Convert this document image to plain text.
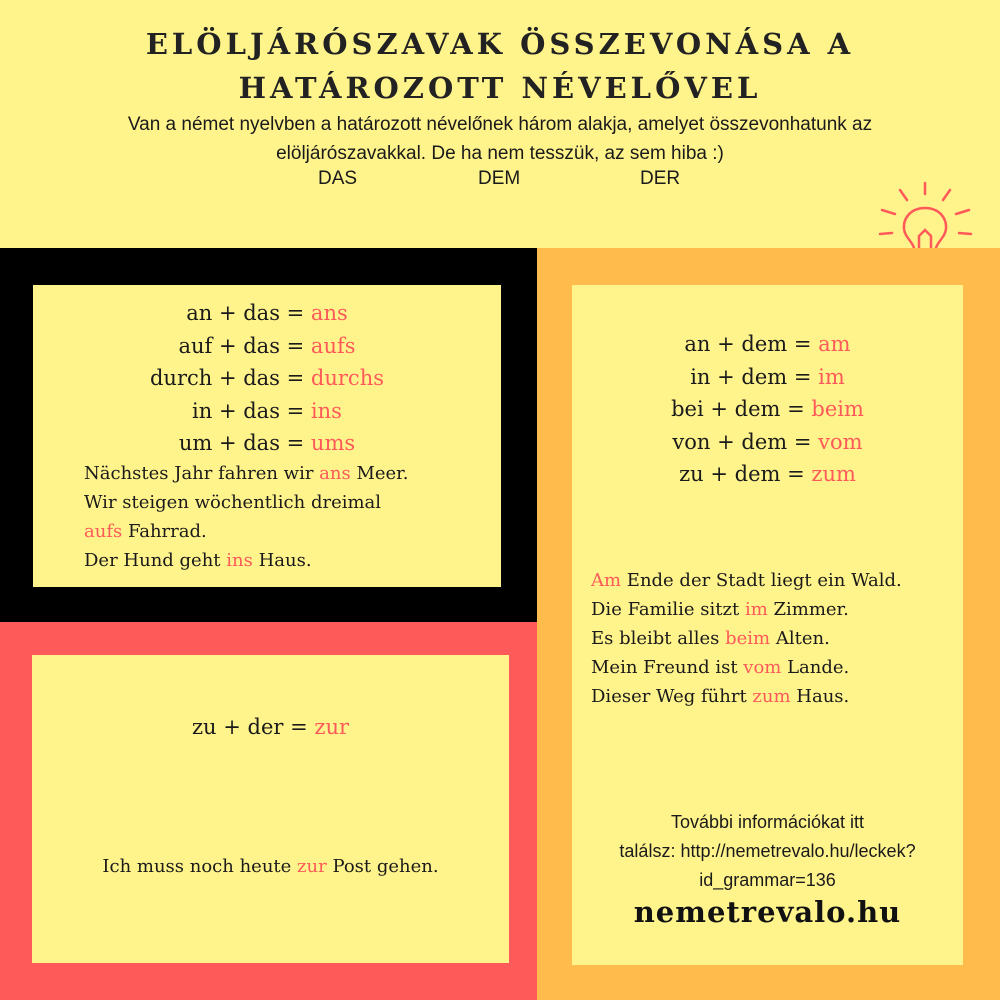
ELÖLJÁRÓSZAVAK ÖSSZEVONÁSA A
HATÁROZOTT NÉVELŐVEL
Van a német nyelvben a határozott névelőnek három alakja, amelyet összevonhatunk az
elöljárószavakkal. De ha nem tesszük, az sem hiba :)
DAS	DEM	DER
an + das = ans
auf + das = aufs
durch + das = durchs
in + das = ins
um + das = ums
Nächstes Jahr fahren wir ans Meer.
Wir steigen wöchentlich dreimal
aufs Fahrrad.
Der Hund geht ins Haus.
zu + der = zur
Ich muss noch heute zur Post gehen.
an + dem = am
in + dem = im
bei + dem = beim
von + dem = vom
zu + dem = zum
Am Ende der Stadt liegt ein Wald.
Die Familie sitzt im Zimmer.
Es bleibt alles beim Alten.
Mein Freund ist vom Lande.
Dieser Weg führt zum Haus.
További információkat itt
találsz: http://nemetrevalo.hu/leckek?
id_grammar=136
nemetrevalo.hu
